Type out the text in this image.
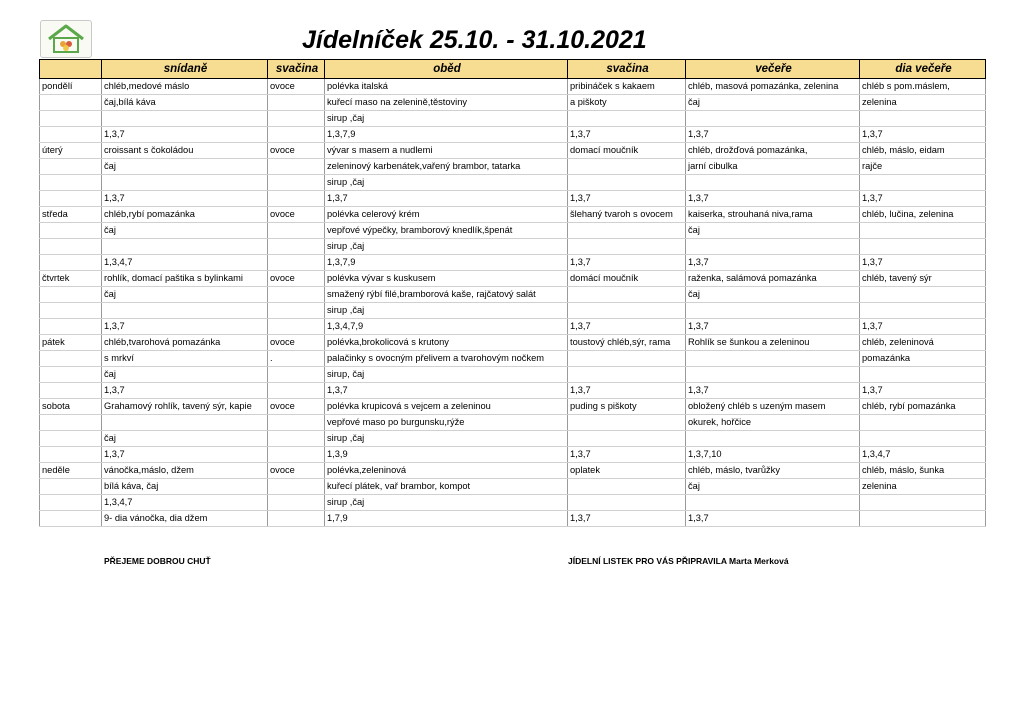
Jídelníček 25.10. - 31.10.2021
	snídaně	svačina	oběd	svačina	večeře	dia večeře
pondělí	chléb,medové máslo	ovoce	polévka italská	pribináček s kakaem	chléb, masová pomazánka, zelenina	chléb s pom.máslem,
	čaj,bílá káva		kuřecí maso na zelenině,těstoviny	a piškoty	čaj	zelenina
			sirup ,čaj			
	1,3,7		1,3,7,9	1,3,7	1,3,7	1,3,7
úterý	croissant s čokoládou	ovoce	vývar s masem a nudlemi	domací moučník	chléb, drožďová pomazánka,	chléb, máslo, eidam
	čaj		zeleninový karbenátek,vařený brambor, tatarka		jarní cibulka	rajče
			sirup ,čaj			
	1,3,7		1,3,7	1,3,7	1,3,7	1,3,7
středa	chléb,rybí pomazánka	ovoce	polévka celerový krém	šlehaný tvaroh s ovocem	kaiserka, strouhaná niva,rama	chléb, lučina, zelenina
	čaj		vepřové výpečky, bramborový knedlík,špenát		čaj	
			sirup ,čaj			
	1,3,4,7		1,3,7,9	1,3,7	1,3,7	1,3,7
čtvrtek	rohlík, domací paštika s bylinkami	ovoce	polévka vývar s kuskusem	domácí moučník	raženka, salámová pomazánka	chléb, tavený sýr
	čaj		smažený rýbí filé,bramborová kaše, rajčatový salát		čaj	
			sirup ,čaj			
	1,3,7		1,3,4,7,9	1,3,7	1,3,7	1,3,7
pátek	chléb,tvarohová pomazánka	ovoce	polévka,brokolicová s krutony	toustový chléb,sýr, rama	Rohlík se šunkou a zeleninou	chléb, zeleninová
	s mrkví	.	palačinky s ovocným přelivem a tvarohovým nočkem			pomazánka
	čaj		sirup, čaj			
	1,3,7		1,3,7	1,3,7	1,3,7	1,3,7
sobota	Grahamový rohlík, tavený sýr, kapie	ovoce	polévka krupicová s vejcem a zeleninou	puding s piškoty	obložený chléb s uzeným masem	chléb, rybí pomazánka
			vepřové maso po burgunsku,rýže		okurek, hořčice	
	čaj		sirup ,čaj			
	1,3,7		1,3,9	1,3,7	1,3,7,10	1,3,4,7
neděle	vánočka,máslo, džem	ovoce	polévka,zeleninová	oplatek	chléb, máslo, tvarůžky	chléb, máslo, šunka
	bílá káva, čaj		kuřecí plátek, vař brambor, kompot		čaj	zelenina
	1,3,4,7		sirup ,čaj			
	9- dia vánočka, dia džem		1,7,9	1,3,7	1,3,7	
PŘEJEME DOBROU CHUŤ	JÍDELNÍ LISTEK PRO VÁS PŘIPRAVILA Marta Merková
